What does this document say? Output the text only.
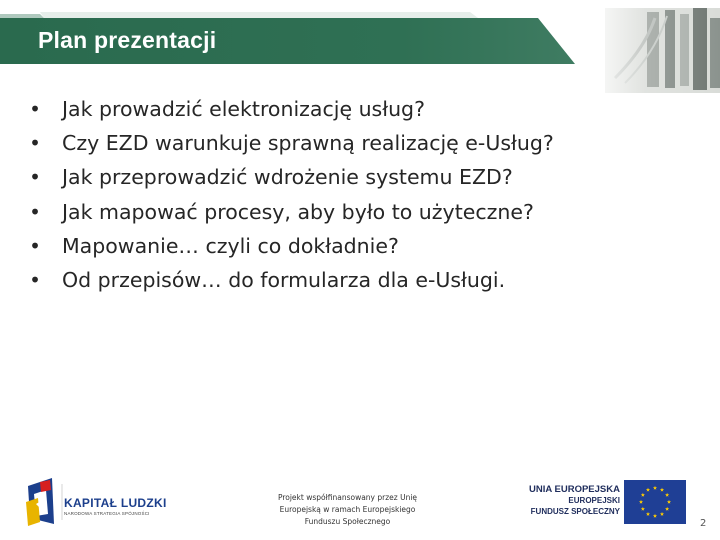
Plan prezentacji
• Jak prowadzić elektronizację usług?
• Czy EZD warunkuje sprawną realizację e-Usług?
• Jak przeprowadzić wdrożenie systemu EZD?
• Jak mapować procesy, aby było to użyteczne?
• Mapowanie… czyli co dokładnie?
• Od przepisów… do formularza dla e-Usługi.
KAPITAŁ LUDZKI
NARODOWA STRATEGIA SPÓJNOŚCI
Projekt współfinansowany przez Unię
Europejską w ramach Europejskiego
Funduszu Społecznego
UNIA EUROPEJSKA
EUROPEJSKI
FUNDUSZ SPOŁECZNY
2
